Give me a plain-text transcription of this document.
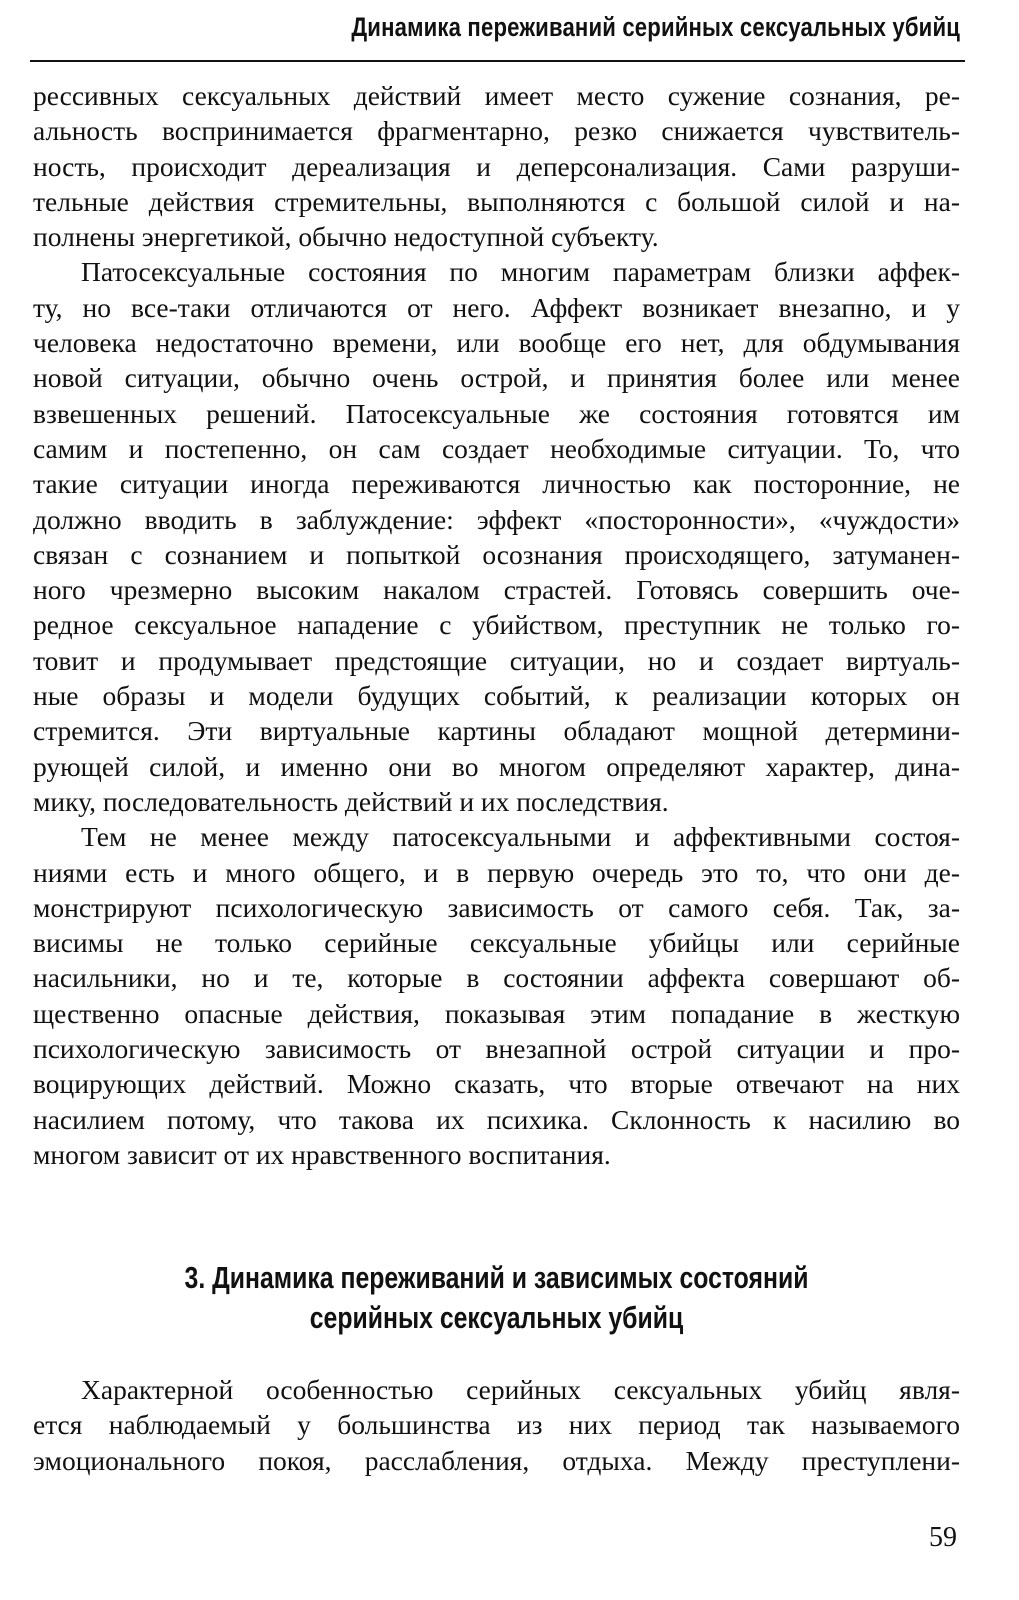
Динамика переживаний серийных сексуальных убийц
рессивных сексуальных действий имеет место сужение сознания, ре-
альность воспринимается фрагментарно, резко снижается чувствитель-
ность, происходит дереализация и деперсонализация. Сами разруши-
тельные действия стремительны, выполняются с большой силой и на-
полнены энергетикой, обычно недоступной субъекту.
Патосексуальные состояния по многим параметрам близки аффек-
ту, но все-таки отличаются от него. Аффект возникает внезапно, и у
человека недостаточно времени, или вообще его нет, для обдумывания
новой ситуации, обычно очень острой, и принятия более или менее
взвешенных решений. Патосексуальные же состояния готовятся им
самим и постепенно, он сам создает необходимые ситуации. То, что
такие ситуации иногда переживаются личностью как посторонние, не
должно вводить в заблуждение: эффект «посторонности», «чуждости»
связан с сознанием и попыткой осознания происходящего, затуманен-
ного чрезмерно высоким накалом страстей. Готовясь совершить оче-
редное сексуальное нападение с убийством, преступник не только го-
товит и продумывает предстоящие ситуации, но и создает виртуаль-
ные образы и модели будущих событий, к реализации которых он
стремится. Эти виртуальные картины обладают мощной детермини-
рующей силой, и именно они во многом определяют характер, дина-
мику, последовательность действий и их последствия.
Тем не менее между патосексуальными и аффективными состоя-
ниями есть и много общего, и в первую очередь это то, что они де-
монстрируют психологическую зависимость от самого себя. Так, за-
висимы не только серийные сексуальные убийцы или серийные
насильники, но и те, которые в состоянии аффекта совершают об-
щественно опасные действия, показывая этим попадание в жесткую
психологическую зависимость от внезапной острой ситуации и про-
воцирующих действий. Можно сказать, что вторые отвечают на них
насилием потому, что такова их психика. Склонность к насилию во
многом зависит от их нравственного воспитания.
3. Динамика переживаний и зависимых состояний
серийных сексуальных убийц
Характерной особенностью серийных сексуальных убийц явля-
ется наблюдаемый у большинства из них период так называемого
эмоционального покоя, расслабления, отдыха. Между преступлени-
59
